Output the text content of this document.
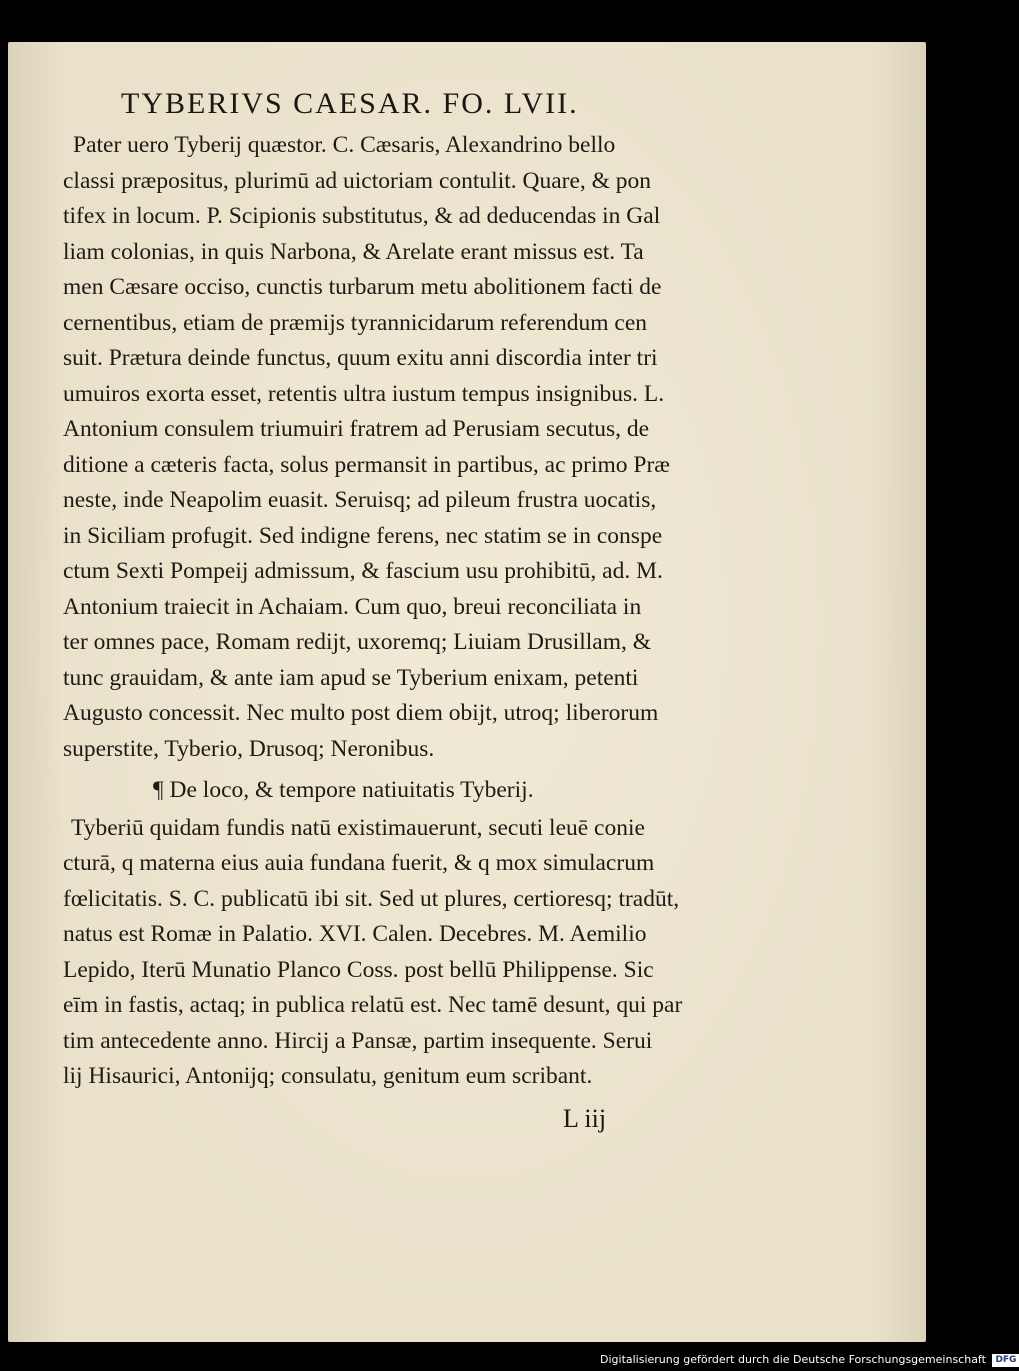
TYBERIVS CAESAR. FO. LVII.
Pater uero Tyberij quæstor. C. Cæsaris, Alexandrino bello
classi præpositus, plurimū ad uictoriam contulit. Quare, & pon
tifex in locum. P. Scipionis substitutus, & ad deducendas in Gal
liam colonias, in quis Narbona, & Arelate erant missus est. Ta
men Cæsare occiso, cunctis turbarum metu abolitionem facti de
cernentibus, etiam de præmijs tyrannicidarum referendum cen
suit. Prætura deinde functus, quum exitu anni discordia inter tri
umuiros exorta esset, retentis ultra iustum tempus insignibus. L.
Antonium consulem triumuiri fratrem ad Perusiam secutus, de
ditione a cæteris facta, solus permansit in partibus, ac primo Præ
neste, inde Neapolim euasit. Seruisq; ad pileum frustra uocatis,
in Siciliam profugit. Sed indigne ferens, nec statim se in conspe
ctum Sexti Pompeij admissum, & fascium usu prohibitū, ad. M.
Antonium traiecit in Achaiam. Cum quo, breui reconciliata in
ter omnes pace, Romam redijt, uxoremq; Liuiam Drusillam, &
tunc grauidam, & ante iam apud se Tyberium enixam, petenti
Augusto concessit. Nec multo post diem obijt, utroq; liberorum
superstite, Tyberio, Drusoq; Neronibus.
¶ De loco, & tempore natiuitatis Tyberij.
Tyberiū quidam fundis natū existimauerunt, secuti leuē conie
cturā, q materna eius auia fundana fuerit, & q mox simulacrum
fœlicitatis. S. C. publicatū ibi sit. Sed ut plures, certioresq; tradūt,
natus est Romæ in Palatio. XVI. Calen. Decebres. M. Aemilio
Lepido, Iterū Munatio Planco Coss. post bellū Philippense. Sic
eīm in fastis, actaq; in publica relatū est. Nec tamē desunt, qui par
tim antecedente anno. Hircij a Pansæ, partim insequente. Serui
lij Hisaurici, Antonijq; consulatu, genitum eum scribant.
L iij
Digitalisierung gefördert durch die Deutsche Forschungsgemeinschaft DFG
